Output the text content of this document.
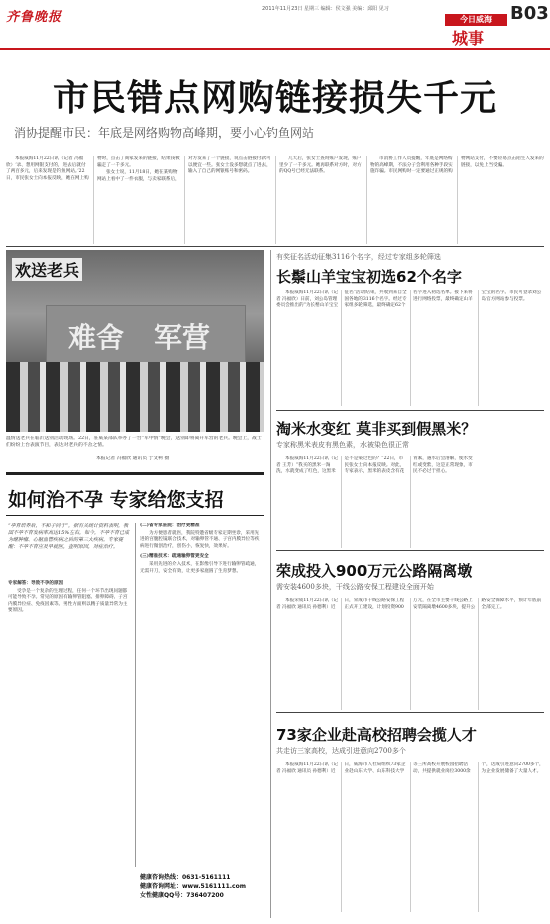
齐鲁晚报
2011年11月23日 星期三 编辑：侯文强 美编：邱阳 见习
今日威海
城事
B03
市民错点网购链接损失千元
消协提醒市民：年底是网络购物高峰期，要小心钓鱼网站

本报威海11月22日讯（记者 冯福欣）‘录、想用网银支付的，进去后就付了两百多元，后来发现是钓鱼网站。’22日，市民张女士向本报反映，她在网上购物时，点击了商家发来的链接，结果钱被骗走了一千多元。

张女士说，11月18日，她在某购物网站上看中了一件衣服，与卖家联系后，对方发来了一个链接，说点击链接付款可以便宜一些。张女士没多想就点了进去，输入了自己的网银账号和密码。

几天后，张女士查询账户发现，账户里少了一千多元。她再联系对方时，对方的QQ号已经无法联系。

市消协工作人员提醒，年底是网络购物的高峰期，不法分子会利用各种手段实施诈骗。市民网购时一定要通过正规的购物网站支付，不要轻易点击陌生人发来的链接，以免上当受骗。

难舍 军营
欢送老兵
温情送老兵在临沂送别活动现场。22日，驻威某部队举办了一台“军中情”晚会，送别即将离开军营的老兵。晚会上，战士们纷纷上台表演节目，表达对老兵的不舍之情。
本报记者 冯福欣 通讯员 于文柯 摄
如何治不孕 专家给您支招
“孕育培养后，不和子同于”，据有关统计资料表明，我国不孕不育发病率高达15%左右，如今，不孕不育已成为继肿瘤、心脑血管疾病之后的第三大疾病。专家提醒：不孕不育应及早就医，查明原因，对症治疗。

专家解答：导致不孕的原因

受孕是一个复杂的生理过程，任何一个环节出现问题都可能导致不孕。常见的原因有输卵管阻塞、排卵障碍、子宫内膜异位症、免疫因素等。男性方面则以精子质量异常为主要原因。

(二)省专家驻院：治疗更精准

为方便患者就医，我院特邀省级专家定期坐诊，采用先进的宫腹腔镜联合技术，对输卵管不通、子宫内膜异位等疾病进行微创治疗，创伤小，恢复快，效果好。

(三)精准技术：疏通输卵管更安全

采用先进的介入技术，在影像引导下进行输卵管疏通，无需开刀，安全有效，让更多家庭圆了生育梦想。

健康咨询热线：0631-5161111
健康咨询网址：www.5161111.com
女性健康QQ号：736407200
有奖征名活动征集3116个名字，经过专家组多轮筛选
长鬃山羊宝宝初选62个名字
本报威海11月22日讯（记者 冯福欣）日前，刘公岛管理委员会推出的“为长鬃山羊宝宝征名”活动结束，共收到来自全国各地的3116个名字。经过专家组多轮筛选，最终确定62个名字进入初选名单。接下来将进行网络投票，最终确定山羊宝宝的名字。市民可登录刘公岛官方网站参与投票。
淘米水变红 莫非买到假黑米？
专家称黑米表皮有黑色素，水被染色很正常
本报威海11月22日讯（记者 王芳）“我买的黑米一淘洗，水就变成了红色，这黑米是不是染过色的？”22日，市民张女士向本报反映。对此，专家表示，黑米的表皮含有花青素，遇水后会溶解，使水变红或变紫，这是正常现象，市民不必过于担心。
荣成投入900万元公路隔离墩
需安装4600多块，干线公路安保工程建设全面开始
本报荣成11月22日讯（记者 冯福欣 通讯员 孙德利）近日，荣成市干线公路安保工程正式开工建设，计划投资900万元，在全市主要干线公路上安装隔离墩4600多块，提升公路安全保障水平，预计年底前全部完工。
73家企业赴高校招聘会揽人才
共走访三家高校，达成引进意向2700多个
本报威海11月22日讯（记者 冯福欣 通讯员 孙德利）近日，威海市人社局组织73家企业赴山东大学、山东科技大学等三所高校开展校园招聘活动，共提供就业岗位3000余个，达成引进意向2700多个，为企业发展储备了大量人才。
